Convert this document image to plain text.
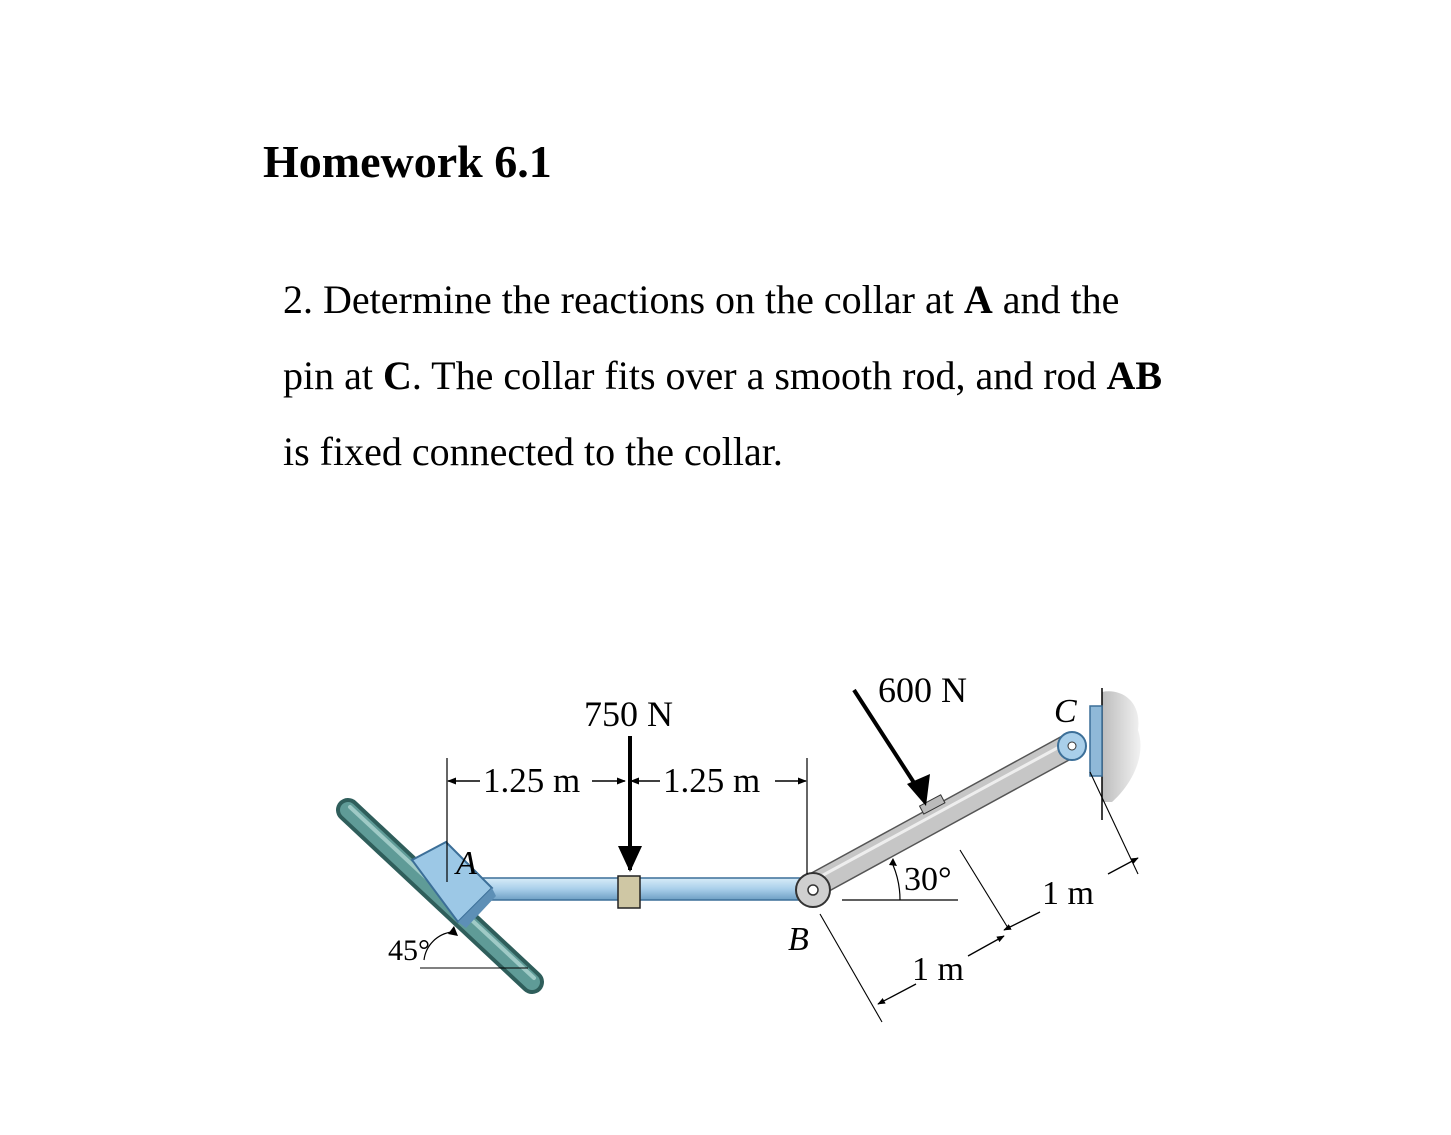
Homework 6.1
2. Determine the reactions on the collar at A and the
pin at C. The collar fits over a smooth rod, and rod AB
is fixed connected to the collar.
750 N
600 N
1.25 m 1.25 m
A
B
C
45°
30°
1 m
1 m
